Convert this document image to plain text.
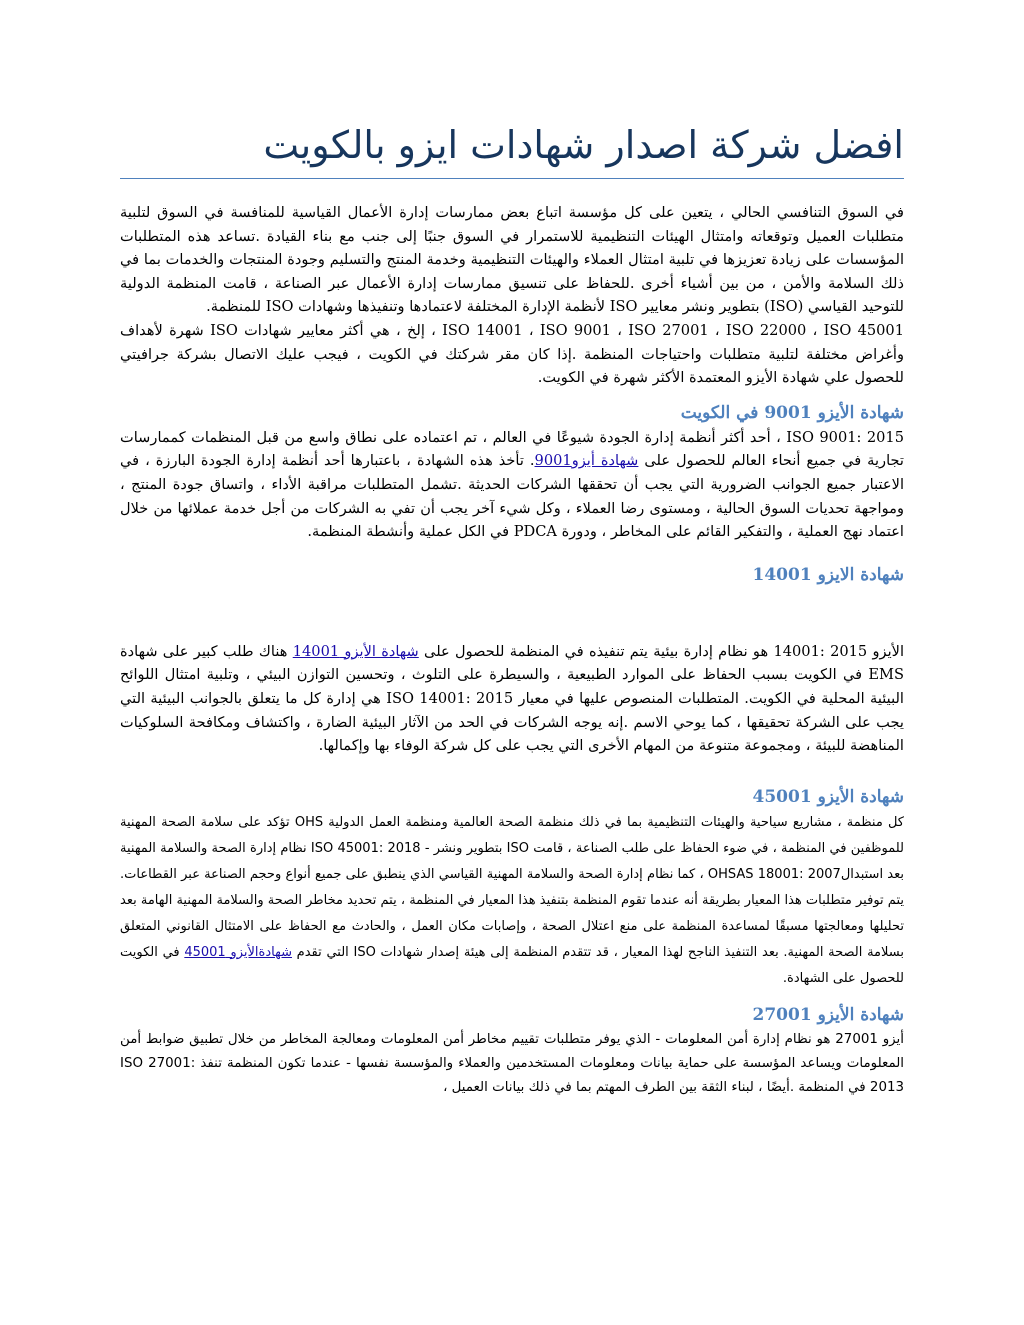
افضل شركة اصدار شهادات ايزو بالكويت

في السوق التنافسي الحالي ، يتعين على كل مؤسسة اتباع بعض ممارسات إدارة الأعمال القياسية للمنافسة في السوق لتلبية متطلبات العميل وتوقعاته وامتثال الهيئات التنظيمية للاستمرار في السوق جنبًا إلى جنب مع بناء القيادة .تساعد هذه المتطلبات المؤسسات على زيادة تعزيزها في تلبية امتثال العملاء والهيئات التنظيمية وخدمة المنتج والتسليم وجودة المنتجات والخدمات بما في ذلك السلامة والأمن ، من بين أشياء أخرى .للحفاظ على تنسيق ممارسات إدارة الأعمال عبر الصناعة ، قامت المنظمة الدولية للتوحيد القياسي (ISO) بتطوير ونشر معايير ISO لأنظمة الإدارة المختلفة لاعتمادها وتنفيذها وشهادات ISO للمنظمة.

ISO 14001 ، ISO 9001 ، ISO 27001 ، ISO 22000 ، ISO 45001 ، إلخ ، هي أكثر معايير شهادات ISO شهرة لأهداف وأغراض مختلفة لتلبية متطلبات واحتياجات المنظمة .إذا كان مقر شركتك في الكويت ، فيجب عليك الاتصال بشركة جرافيتي للحصول علي شهادة الأيزو المعتمدة الأكثر شهرة في الكويت.

شهادة الأيزو 9001 في الكويت

ISO 9001: 2015 ، أحد أكثر أنظمة إدارة الجودة شيوعًا في العالم ، تم اعتماده على نطاق واسع من قبل المنظمات كممارسات تجارية في جميع أنحاء العالم للحصول على شهادة أيزو9001. تأخذ هذه الشهادة ، باعتبارها أحد أنظمة إدارة الجودة البارزة ، في الاعتبار جميع الجوانب الضرورية التي يجب أن تحققها الشركات الحديثة .تشمل المتطلبات مراقبة الأداء ، واتساق جودة المنتج ، ومواجهة تحديات السوق الحالية ، ومستوى رضا العملاء ، وكل شيء آخر يجب أن تفي به الشركات من أجل خدمة عملائها من خلال اعتماد نهج العملية ، والتفكير القائم على المخاطر ، ودورة PDCA في الكل عملية وأنشطة المنظمة.

شهادة الايزو 14001

الأيزو 2015 :14001 هو نظام إدارة بيئية يتم تنفيذه في المنظمة للحصول على شهادة الأيزو 14001 هناك طلب كبير على شهادة EMS في الكويت بسبب الحفاظ على الموارد الطبيعية ، والسيطرة على التلوث ، وتحسين التوازن البيئي ، وتلبية امتثال اللوائح البيئية المحلية في الكويت. المتطلبات المنصوص عليها في معيار ISO 14001: 2015 هي إدارة كل ما يتعلق بالجوانب البيئية التي يجب على الشركة تحقيقها ، كما يوحي الاسم .إنه يوجه الشركات في الحد من الآثار البيئية الضارة ، واكتشاف ومكافحة السلوكيات المناهضة للبيئة ، ومجموعة متنوعة من المهام الأخرى التي يجب على كل شركة الوفاء بها وإكمالها.

شهادة الأيزو 45001

كل منظمة ، مشاريع سياحية والهيئات التنظيمية بما في ذلك منظمة الصحة العالمية ومنظمة العمل الدولية OHS تؤكد على سلامة الصحة المهنية للموظفين في المنظمة ، في ضوء الحفاظ على طلب الصناعة ، قامت ISO بتطوير ونشر - ISO 45001: 2018 نظام إدارة الصحة والسلامة المهنية بعد استبدالOHSAS 18001: 2007 ، كما نظام إدارة الصحة والسلامة المهنية القياسي الذي ينطبق على جميع أنواع وحجم الصناعة عبر القطاعات. يتم توفير متطلبات هذا المعيار بطريقة أنه عندما تقوم المنظمة بتنفيذ هذا المعيار في المنظمة ، يتم تحديد مخاطر الصحة والسلامة المهنية الهامة بعد تحليلها ومعالجتها مسبقًا لمساعدة المنظمة على منع اعتلال الصحة ، وإصابات مكان العمل ، والحادث مع الحفاظ على الامتثال القانوني المتعلق بسلامة الصحة المهنية. بعد التنفيذ الناجح لهذا المعيار ، قد تتقدم المنظمة إلى هيئة إصدار شهادات ISO التي تقدم شهادةالأيزو 45001 في الكويت للحصول على الشهادة.

شهادة الأيزو 27001

أيزو 27001 هو نظام إدارة أمن المعلومات - الذي يوفر متطلبات تقييم مخاطر أمن المعلومات ومعالجة المخاطر من خلال تطبيق ضوابط أمن المعلومات ويساعد المؤسسة على حماية بيانات ومعلومات المستخدمين والعملاء والمؤسسة نفسها - عندما تكون المنظمة تنفذ ISO 27001: 2013 في المنظمة .أيضًا ، لبناء الثقة بين الطرف المهتم بما في ذلك بيانات العميل ،
